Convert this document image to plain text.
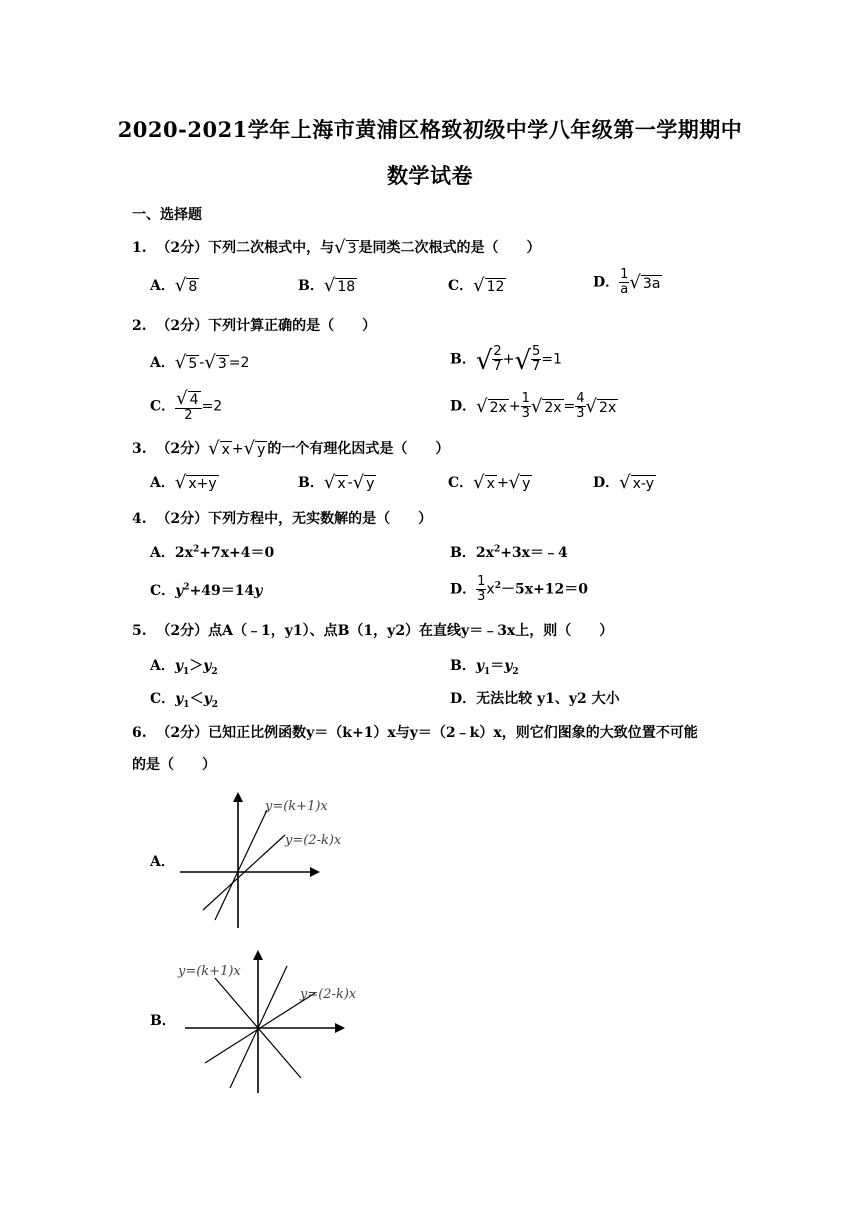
2020-2021学年上海市黄浦区格致初级中学八年级第一学期期中
数学试卷
一、选择题
1. （2分）下列二次根式中，与 √ 3 是同类二次根式的是（　　）
A． √ 8	B． √ 18	C． √ 12	D． $\frac{1}{a}$ √ 3a
2. （2分）下列计算正确的是（　　）
A． √ 5 - √ 3 =2	B． √ $\frac{2}{7}$ + √ $\frac{5}{7} =1$
C． $\frac{√ 4}{2} =2$	D． √ $2x + \frac{1}{3}$ √ $2x = \frac{4}{3}$ √ 2x
3. （2分） √ x + √ y 的一个有理化因式是（　　）
A． √ x+y	B． √ x - √ y	C． √ x + √ y	D． √ x-y
4. （2分）下列方程中，无实数解的是（　　）
A．$2x^2+7x+4=0$	B．$2x^2+3x=﹣4$
C．$y^2+49=14y$	D． $\frac{1}{3} x^2-5x+12=0$
5. （2分）点A（﹣1，y1）、点B（1，y2）在直线y＝﹣3x上，则（　　）
A．$y_1>y_2$	B．$y_1=y_2$
C．$y_1<y_2$	D．无法比较 y1、y2 大小
6. （2分）已知正比例函数y＝（k+1）x与y＝（2﹣k）x，则它们图象的大致位置不可能
的是（　　）
A．
y=(k+1)x
y=(2-k)x
B．
y=(k+1)x
y=(2-k)x
